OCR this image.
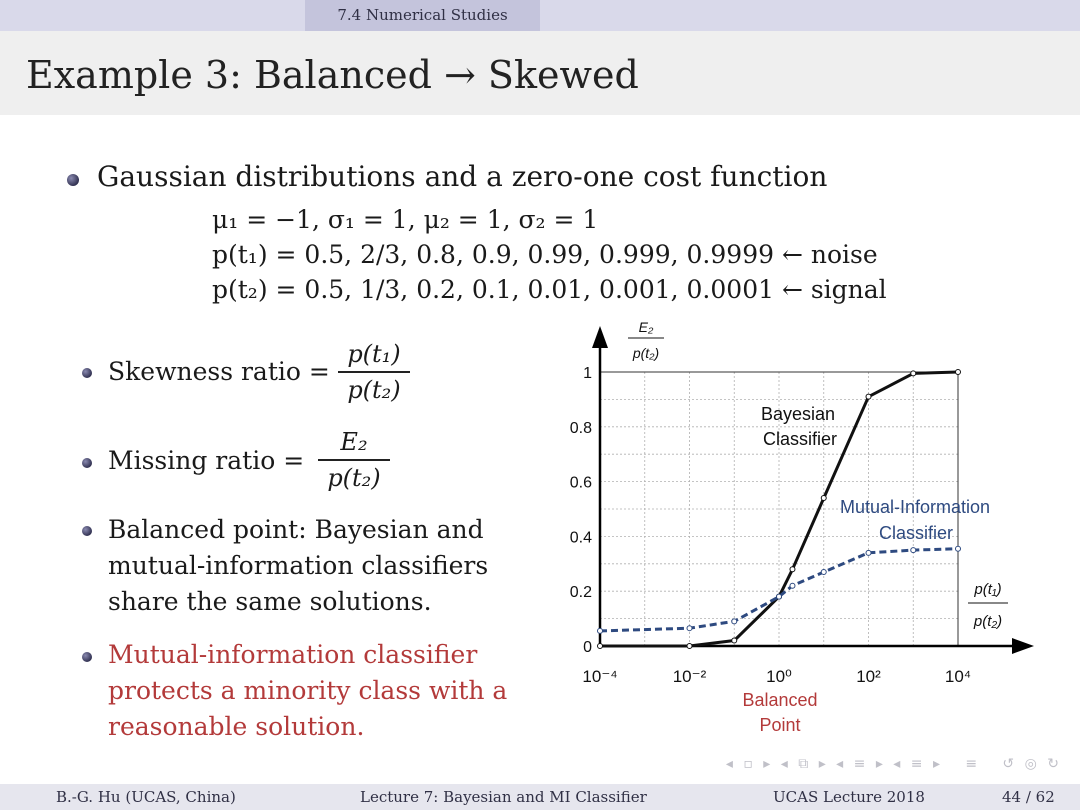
7.4 Numerical Studies
Example 3: Balanced → Skewed
Gaussian distributions and a zero-one cost function
μ₁ = −1, σ₁ = 1, μ₂ = 1, σ₂ = 1
p(t₁) = 0.5, 2/3, 0.8, 0.9, 0.99, 0.999, 0.9999 ← noise
p(t₂) = 0.5, 1/3, 0.2, 0.1, 0.01, 0.001, 0.0001 ← signal
Skewness ratio =
p(t₁)
p(t₂)
Missing ratio =
E₂
p(t₂)
Balanced point: Bayesian and
mutual-information classifiers
share the same solutions.
Mutual-information classifier
protects a minority class with a
reasonable solution.
10⁻⁴	10⁻²	10⁰	10²	10⁴
0
0.2
0.4
0.6
0.8
1
E₂
p(t₂)
p(t₁)
p(t₂)
Bayesian
Classifier
Mutual-Information
Classifier
Balanced
Point
B.-G. Hu (UCAS, China)	Lecture 7: Bayesian and MI Classifier	UCAS Lecture 2018	44 / 62
◂ ▫ ▸ ◂ ⧉ ▸ ◂ ≡ ▸ ◂ ≡ ▸   ≡   ↺ ◎ ↻
